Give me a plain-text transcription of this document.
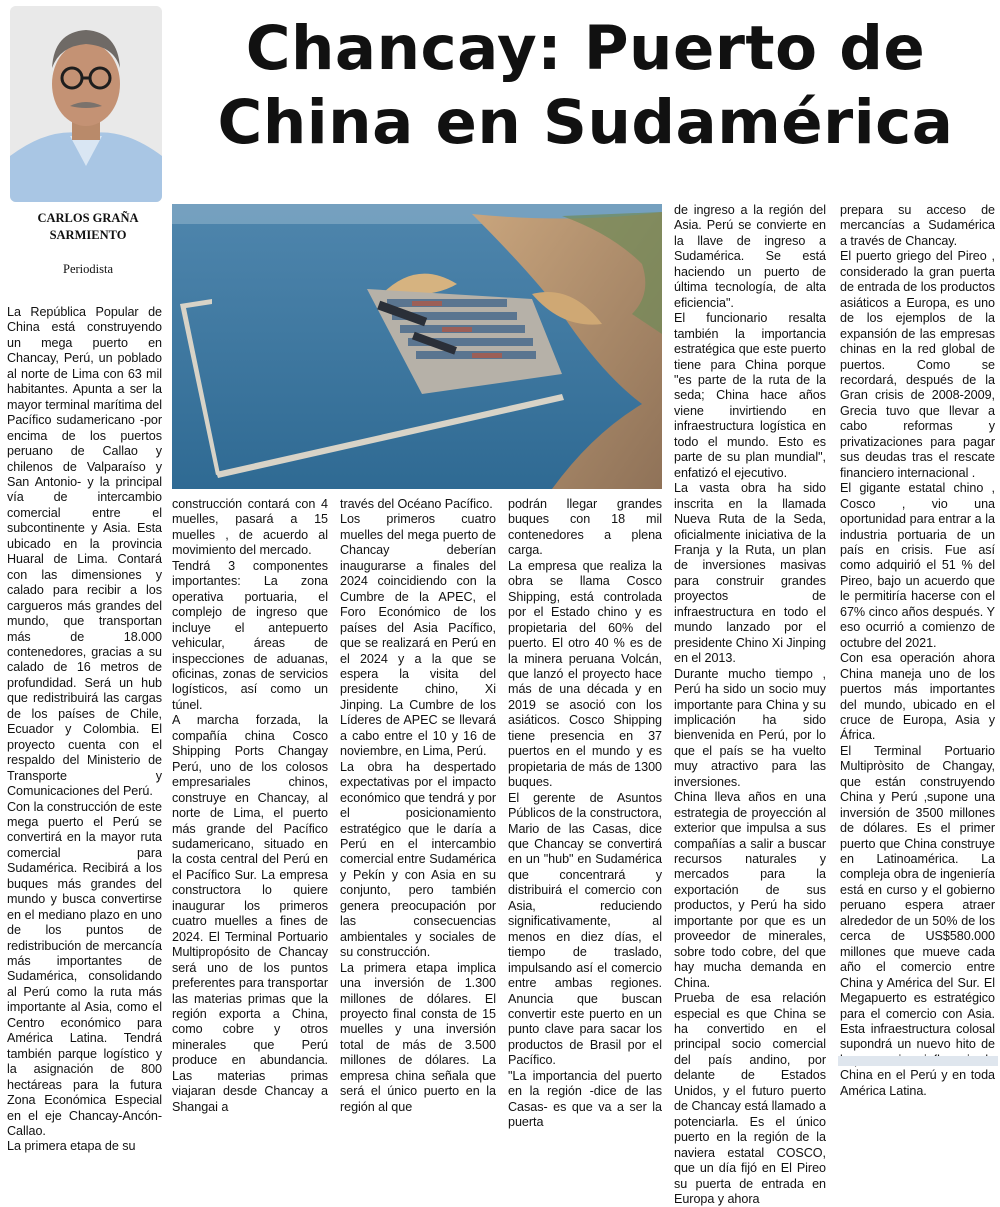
CARLOS GRAÑA
SARMIENTO
Periodista
Chancay: Puerto de
China en Sudamérica

La República Popular de China está construyendo un mega puerto en Chancay, Perú, un poblado al norte de Lima con 63 mil habitantes. Apunta a ser la mayor terminal marítima del Pacífico sudamericano -por encima de los puertos peruano de Callao y chilenos de Valparaíso y San Antonio- y la principal vía de intercambio comercial entre el subcontinente y Asia. Esta ubicado en la provincia Huaral de Lima. Contará con las dimensiones y calado para recibir a los cargueros más grandes del mundo, que transportan más de 18.000 contenedores, gracias a su calado de 16 metros de profundidad. Será un hub que redistribuirá las cargas de los países de Chile, Ecuador y Colombia. El proyecto cuenta con el respaldo del Ministerio de Transporte y Comunicaciones del Perú.

Con la construcción de este mega puerto el Perú se convertirá en la mayor ruta comercial para Sudamérica. Recibirá a los buques más grandes del mundo y busca convertirse en el mediano plazo en uno de los puntos de redistribución de mercancía más importantes de Sudamérica, consolidando al Perú como la ruta más importante al Asia, como el Centro económico para América Latina. Tendrá también parque logístico y la asignación de 800 hectáreas para la futura Zona Económica Especial en el eje Chancay-Ancón-Callao.

La primera etapa de su

construcción contará con 4 muelles, pasará a 15 muelles , de acuerdo al movimiento del mercado.

Tendrá 3 componentes importantes: La zona operativa portuaria, el complejo de ingreso que incluye el antepuerto vehicular, áreas de inspecciones de aduanas, oficinas, zonas de servicios logísticos, así como un túnel.

A marcha forzada, la compañía china Cosco Shipping Ports Changay Perú, uno de los colosos empresariales chinos, construye en Chancay, al norte de Lima, el puerto más grande del Pacífico sudamericano, situado en la costa central del Perú en el Pacífico Sur. La empresa constructora lo quiere inaugurar los primeros cuatro muelles a fines de 2024. El Terminal Portuario Multipropósito de Chancay será uno de los puntos preferentes para transportar las materias primas que la región exporta a China, como cobre y otros minerales que Perú produce en abundancia. Las materias primas viajaran desde Chancay a Shangai a

través del Océano Pacífico.

Los primeros cuatro muelles del mega puerto de Chancay deberían inaugurarse a finales del 2024 coincidiendo con la Cumbre de la APEC, el Foro Económico de los países del Asia Pacífico, que se realizará en Perú en el 2024 y a la que se espera la visita del presidente chino, Xi Jinping. La Cumbre de los Líderes de APEC se llevará a cabo entre el 10 y 16 de noviembre, en Lima, Perú.

La obra ha despertado expectativas por el impacto económico que tendrá y por el posicionamiento estratégico que le daría a Perú en el intercambio comercial entre Sudamérica y Pekín y con Asia en su conjunto, pero también genera preocupación por las consecuencias ambientales y sociales de su construcción.

La primera etapa implica una inversión de 1.300 millones de dólares. El proyecto final consta de 15 muelles y una inversión total de más de 3.500 millones de dólares. La empresa china señala que será el único puerto en la región al que

podrán llegar grandes buques con 18 mil contenedores a plena carga.

La empresa que realiza la obra se llama Cosco Shipping, está controlada por el Estado chino y es propietaria del 60% del puerto. El otro 40 % es de la minera peruana Volcán, que lanzó el proyecto hace más de una década y en 2019 se asoció con los asiáticos. Cosco Shipping tiene presencia en 37 puertos en el mundo y es propietaria de más de 1300 buques.

El gerente de Asuntos Públicos de la constructora, Mario de las Casas, dice que Chancay se convertirá en un "hub" en Sudamérica que concentrará y distribuirá el comercio con Asia, reduciendo significativamente, al menos en diez días, el tiempo de traslado, impulsando así el comercio entre ambas regiones. Anuncia que buscan convertir este puerto en un punto clave para sacar los productos de Brasil por el Pacífico.

"La importancia del puerto en la región -dice de las Casas- es que va a ser la puerta

de ingreso a la región del Asia. Perú se convierte en la llave de ingreso a Sudamérica. Se está haciendo un puerto de última tecnología, de alta eficiencia".

El funcionario resalta también la importancia estratégica que este puerto tiene para China porque "es parte de la ruta de la seda; China hace años viene invirtiendo en infraestructura logística en todo el mundo. Esto es parte de su plan mundial", enfatizó el ejecutivo.

La vasta obra ha sido inscrita en la llamada Nueva Ruta de la Seda, oficialmente iniciativa de la Franja y la Ruta, un plan de inversiones masivas para construir grandes proyectos de infraestructura en todo el mundo lanzado por el presidente Chino Xi Jinping en el 2013.

Durante mucho tiempo , Perú ha sido un socio muy importante para China y su implicación ha sido bienvenida en Perú, por lo que el país se ha vuelto muy atractivo para las inversiones.

China lleva años en una estrategia de proyección al exterior que impulsa a sus compañías a salir a buscar recursos naturales y mercados para la exportación de sus productos, y Perú ha sido importante por que es un proveedor de minerales, sobre todo cobre, del que hay mucha demanda en China.

Prueba de esa relación especial es que China se ha convertido en el principal socio comercial del país andino, por delante de Estados Unidos, y el futuro puerto de Chancay está llamado a potenciarla. Es el único puerto en la región de la naviera estatal COSCO, que un día fijó en El Pireo su puerta de entrada en Europa y ahora

prepara su acceso de mercancías a Sudamérica a través de Chancay.

El puerto griego del Pireo , considerado la gran puerta de entrada de los productos asiáticos a Europa, es uno de los ejemplos de la expansión de las empresas chinas en la red global de puertos. Como se recordará, después de la Gran crisis de 2008-2009, Grecia tuvo que llevar a cabo reformas y privatizaciones para pagar sus deudas tras el rescate financiero internacional .

El gigante estatal chino , Cosco , vio una oportunidad para entrar a la industria portuaria de un país en crisis. Fue así como adquirió el 51 % del Pireo, bajo un acuerdo que le permitiría hacerse con el 67% cinco años después. Y eso ocurrió a comienzo de octubre del 2021.

Con esa operación ahora China maneja uno de los puertos más importantes del mundo, ubicado en el cruce de Europa, Asia y África.

El Terminal Portuario Multipròsito de Changay, que están construyendo China y Perú ,supone una inversión de 3500 millones de dólares. Es el primer puerto que China construye en Latinoamérica. La compleja obra de ingeniería está en curso y el gobierno peruano espera atraer alrededor de un 50% de los cerca de US$580.000 millones que mueve cada año el comercio entre China y América del Sur. El Megapuerto es estratégico para el comercio con Asia. Esta infraestructura colosal supondrá un nuevo hito de China en el Perú y en toda América Latina.
